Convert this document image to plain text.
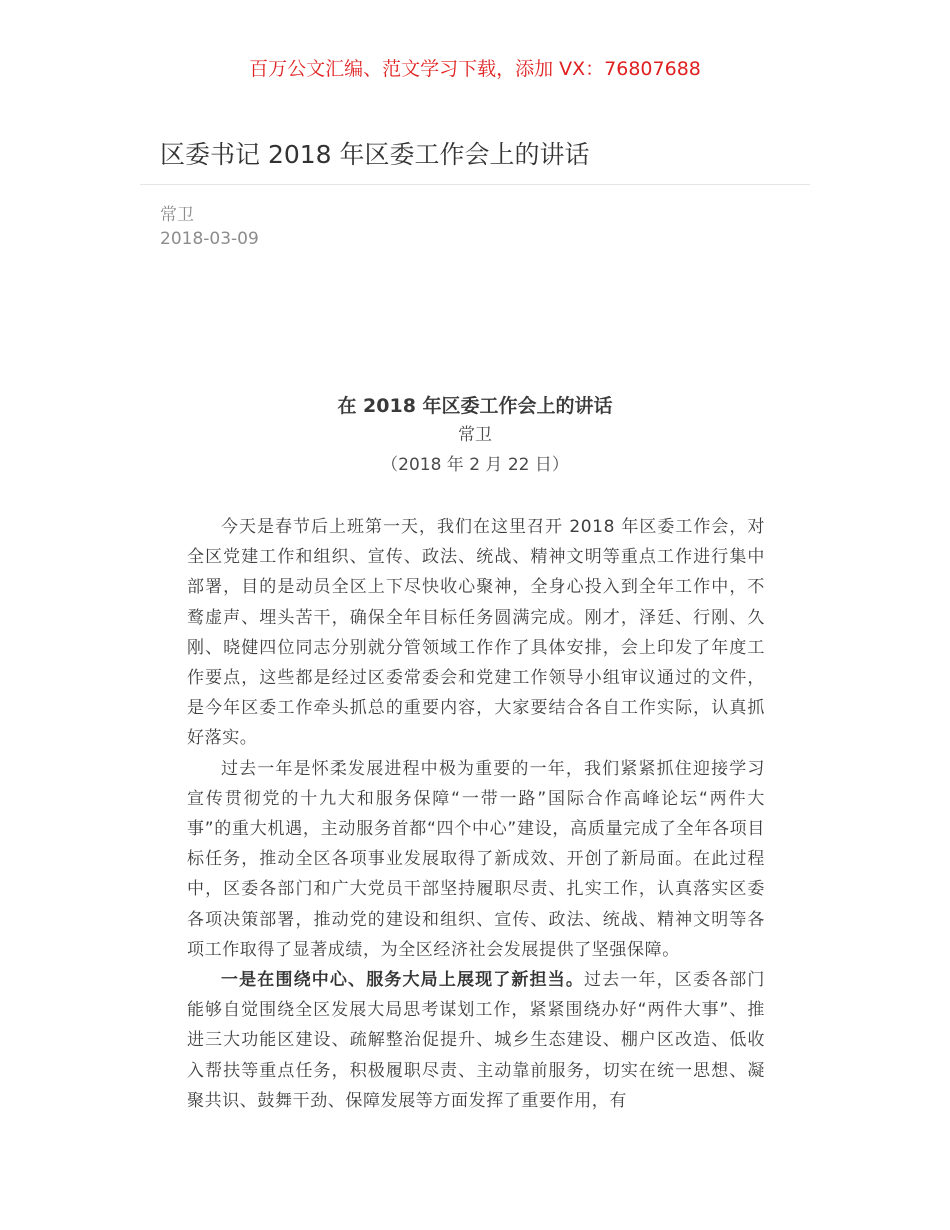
百万公文汇编、范文学习下载，添加 VX：76807688
区委书记 2018 年区委工作会上的讲话
常卫
2018-03-09
在 2018 年区委工作会上的讲话
常卫
（2018 年 2 月 22 日）

今天是春节后上班第一天，我们在这里召开 2018 年区委工作会，对全区党建工作和组织、宣传、政法、统战、精神文明等重点工作进行集中部署，目的是动员全区上下尽快收心聚神，全身心投入到全年工作中，不鹜虚声、埋头苦干，确保全年目标任务圆满完成。刚才，泽廷、行刚、久刚、晓健四位同志分别就分管领域工作作了具体安排，会上印发了年度工作要点，这些都是经过区委常委会和党建工作领导小组审议通过的文件，是今年区委工作牵头抓总的重要内容，大家要结合各自工作实际，认真抓好落实。

过去一年是怀柔发展进程中极为重要的一年，我们紧紧抓住迎接学习宣传贯彻党的十九大和服务保障“一带一路”国际合作高峰论坛“两件大事”的重大机遇，主动服务首都“四个中心”建设，高质量完成了全年各项目标任务，推动全区各项事业发展取得了新成效、开创了新局面。在此过程中，区委各部门和广大党员干部坚持履职尽责、扎实工作，认真落实区委各项决策部署，推动党的建设和组织、宣传、政法、统战、精神文明等各项工作取得了显著成绩，为全区经济社会发展提供了坚强保障。

一是在围绕中心、服务大局上展现了新担当。过去一年，区委各部门能够自觉围绕全区发展大局思考谋划工作，紧紧围绕办好“两件大事”、推进三大功能区建设、疏解整治促提升、城乡生态建设、棚户区改造、低收入帮扶等重点任务，积极履职尽责、主动靠前服务，切实在统一思想、凝聚共识、鼓舞干劲、保障发展等方面发挥了重要作用，有
